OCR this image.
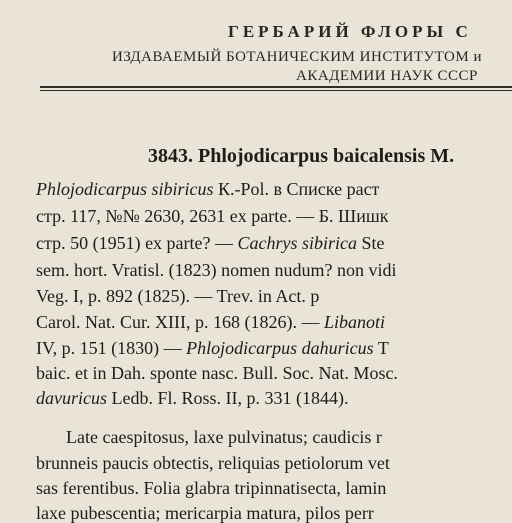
ГЕРБАРИЙ ФЛОРЫ С
ИЗДАВАЕМЫЙ БОТАНИЧЕСКИМ ИНСТИТУТОМ и
АКАДЕМИИ НАУК СССР
3843. Phlojodicarpus baicalensis M.
Phlojodicarpus sibiricus К.-Pol. в Списке раст
стр. 117, №№ 2630, 2631 ex parte. — Б. Шишк
стр. 50 (1951) ex parte? — Cachrys sibirica Ste
sem. hort. Vratisl. (1823) nomen nudum? non vidi
Veg. I, p. 892 (1825). — Trev. in Act. p
Carol. Nat. Cur. XIII, p. 168 (1826). — Libanoti
IV, p. 151 (1830) — Phlojodicarpus dahuricus T
baic. et in Dah. sponte nasc. Bull. Soc. Nat. Mosc.
davuricus Ledb. Fl. Ross. II, p. 331 (1844).
Late caespitosus, laxe pulvinatus; caudicis r
brunneis paucis obtectis, reliquias petiolorum vet
sas ferentibus. Folia glabra tripinnatisecta, lamin
laxe pubescentia; mericarpia matura, pilos perr
